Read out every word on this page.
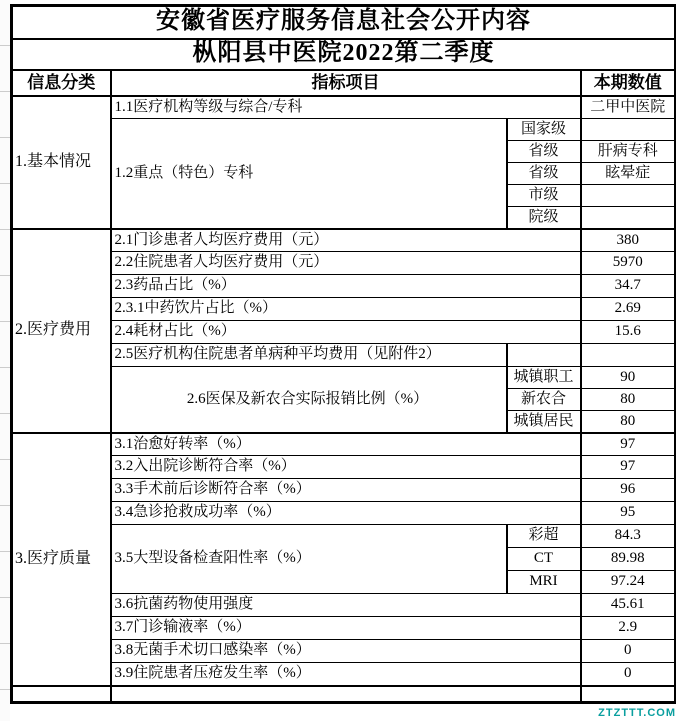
安徽省医疗服务信息社会公开内容			
枞阳县中医院2022第二季度			
信息分类	指标项目		本期数值
1.基本情况	1.1医疗机构等级与综合/专科		二甲中医院
	1.2重点（特色）专科	国家级	
		省级	肝病专科
		省级	眩晕症
		市级	
		院级	
2.医疗费用	2.1门诊患者人均医疗费用（元）		380
	2.2住院患者人均医疗费用（元）		5970
	2.3药品占比（%）		34.7
	2.3.1中药饮片占比（%）		2.69
	2.4耗材占比（%）		15.6
	2.5医疗机构住院患者单病种平均费用（见附件2）		
	2.6医保及新农合实际报销比例（%）	城镇职工	90
		新农合	80
		城镇居民	80
3.医疗质量	3.1治愈好转率（%）		97
	3.2入出院诊断符合率（%）		97
	3.3手术前后诊断符合率（%）		96
	3.4急诊抢救成功率（%）		95
	3.5大型设备检查阳性率（%）	彩超	84.3
		CT	89.98
		MRI	97.24
	3.6抗菌药物使用强度		45.61
	3.7门诊输液率（%）		2.9
	3.8无菌手术切口感染率（%）		0
	3.9住院患者压疮发生率（%）		0

ZTZTTT.COM
